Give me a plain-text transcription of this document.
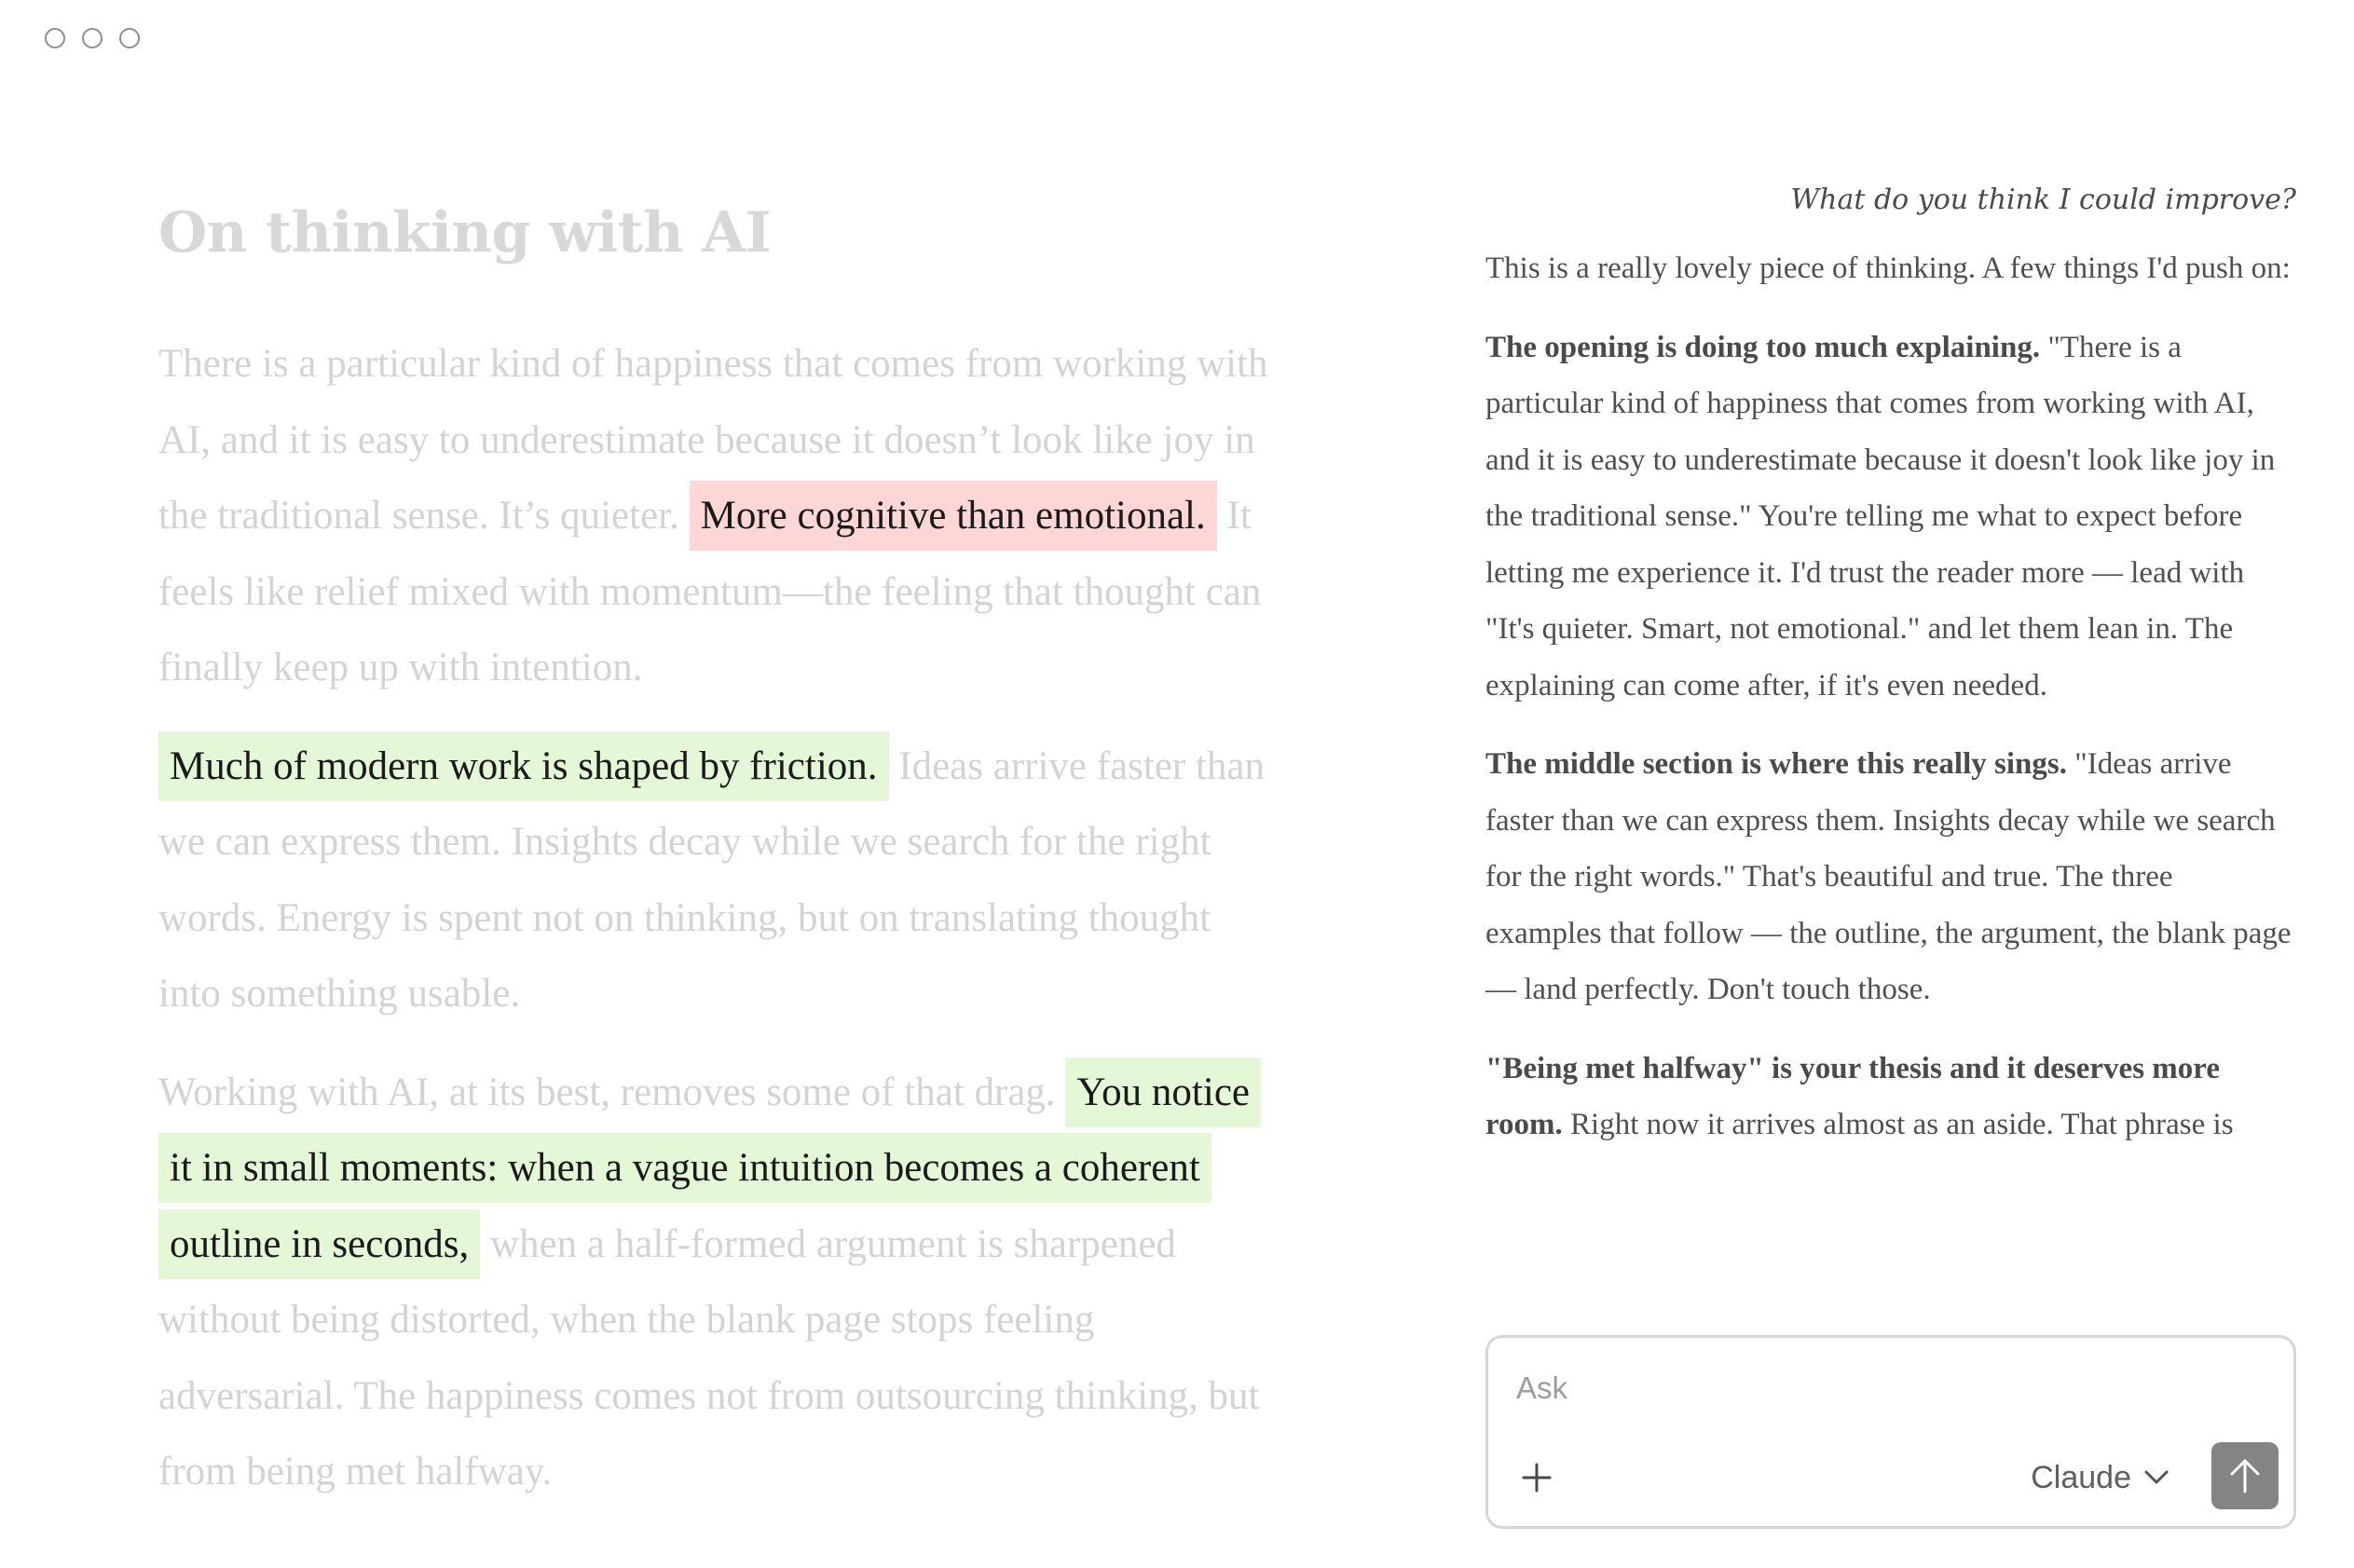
On thinking with AI

There is a particular kind of happiness that comes from working with AI, and it is easy to underestimate because it doesn’t look like joy in the traditional sense. It’s quieter. More cognitive than emotional. It feels like relief mixed with momentum—the feeling that thought can finally keep up with intention.

Much of modern work is shaped by friction. Ideas arrive faster than we can express them. Insights decay while we search for the right words. Energy is spent not on thinking, but on translating thought into something usable.

Working with AI, at its best, removes some of that drag. You notice it in small moments: when a vague intuition becomes a coherent outline in seconds, when a half-formed argument is sharpened without being distorted, when the blank page stops feeling adversarial. The happiness comes not from outsourcing thinking, but from being met halfway.

What do you think I could improve?

This is a really lovely piece of thinking. A few things I'd push on:

The opening is doing too much explaining. "There is a particular kind of happiness that comes from working with AI, and it is easy to underestimate because it doesn't look like joy in the traditional sense." You're telling me what to expect before letting me experience it. I'd trust the reader more — lead with "It's quieter. Smart, not emotional." and let them lean in. The explaining can come after, if it's even needed.

The middle section is where this really sings. "Ideas arrive faster than we can express them. Insights decay while we search for the right words." That's beautiful and true. The three examples that follow — the outline, the argument, the blank page — land perfectly. Don't touch those.

"Being met halfway" is your thesis and it deserves more room. Right now it arrives almost as an aside. That phrase is

Ask
Claude
